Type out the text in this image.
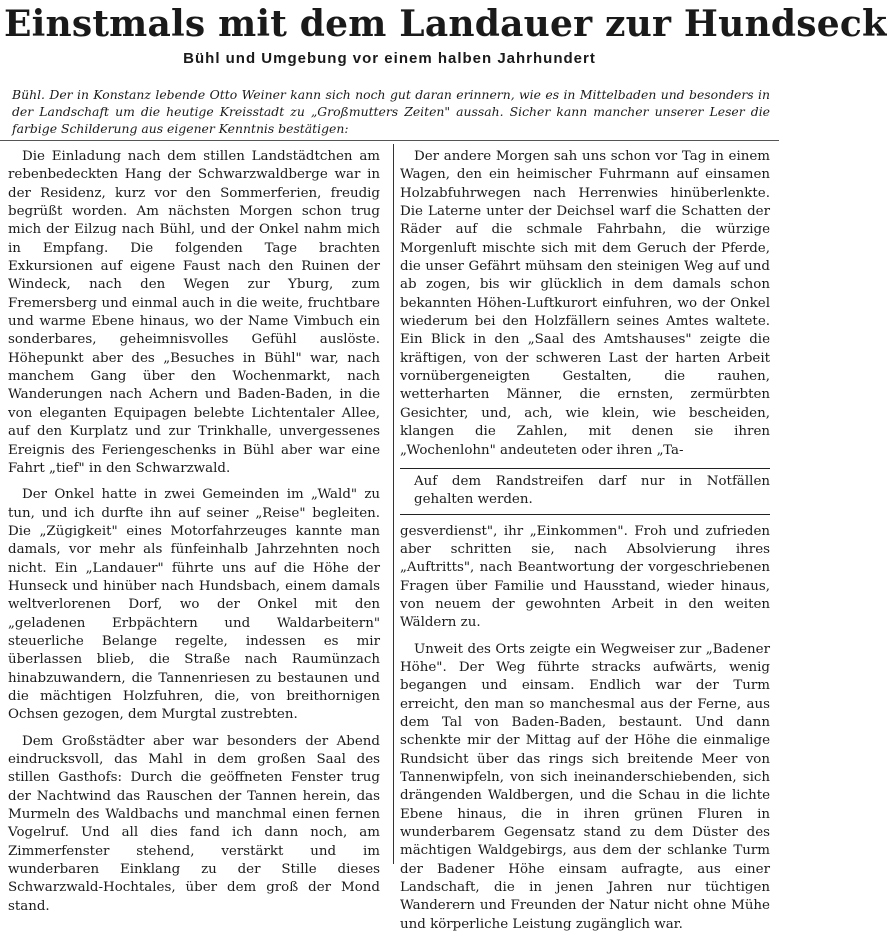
Einstmals mit dem Landauer zur Hundseck
Bühl und Umgebung vor einem halben Jahrhundert
Bühl. Der in Konstanz lebende Otto Weiner kann sich noch gut daran erinnern, wie es in Mittelbaden und besonders in der Landschaft um die heutige Kreisstadt zu „Großmutters Zeiten" aussah. Sicher kann mancher unserer Leser die farbige Schilderung aus eigener Kenntnis bestätigen:

Die Einladung nach dem stillen Landstädtchen am rebenbedeckten Hang der Schwarzwaldberge war in der Residenz, kurz vor den Sommerferien, freudig begrüßt worden. Am nächsten Morgen schon trug mich der Eilzug nach Bühl, und der Onkel nahm mich in Empfang. Die folgenden Tage brachten Exkursionen auf eigene Faust nach den Ruinen der Windeck, nach den Wegen zur Yburg, zum Fremersberg und einmal auch in die weite, fruchtbare und warme Ebene hinaus, wo der Name Vimbuch ein sonderbares, geheimnisvolles Gefühl auslöste. Höhepunkt aber des „Besuches in Bühl" war, nach manchem Gang über den Wochenmarkt, nach Wanderungen nach Achern und Baden-Baden, in die von eleganten Equipagen belebte Lichtentaler Allee, auf den Kurplatz und zur Trinkhalle, unvergessenes Ereignis des Feriengeschenks in Bühl aber war eine Fahrt „tief" in den Schwarzwald.

Der Onkel hatte in zwei Gemeinden im „Wald" zu tun, und ich durfte ihn auf seiner „Reise" begleiten. Die „Zügigkeit" eines Motorfahrzeuges kannte man damals, vor mehr als fünfeinhalb Jahrzehnten noch nicht. Ein „Landauer" führte uns auf die Höhe der Hunseck und hinüber nach Hundsbach, einem damals weltverlorenen Dorf, wo der Onkel mit den „geladenen Erbpächtern und Waldarbeitern" steuerliche Belange regelte, indessen es mir überlassen blieb, die Straße nach Raumünzach hinabzuwandern, die Tannenriesen zu bestaunen und die mächtigen Holzfuhren, die, von breithornigen Ochsen gezogen, dem Murgtal zustrebten.

Dem Großstädter aber war besonders der Abend eindrucksvoll, das Mahl in dem großen Saal des stillen Gasthofs: Durch die geöffneten Fenster trug der Nachtwind das Rauschen der Tannen herein, das Murmeln des Waldbachs und manchmal einen fernen Vogelruf. Und all dies fand ich dann noch, am Zimmerfenster stehend, verstärkt und im wunderbaren Einklang zu der Stille dieses Schwarzwald-Hochtales, über dem groß der Mond stand.

Der andere Morgen sah uns schon vor Tag in einem Wagen, den ein heimischer Fuhrmann auf einsamen Holzabfuhrwegen nach Herrenwies hinüberlenkte. Die Laterne unter der Deichsel warf die Schatten der Räder auf die schmale Fahrbahn, die würzige Morgenluft mischte sich mit dem Geruch der Pferde, die unser Gefährt mühsam den steinigen Weg auf und ab zogen, bis wir glücklich in dem damals schon bekannten Höhen-Luftkurort einfuhren, wo der Onkel wiederum bei den Holzfällern seines Amtes waltete. Ein Blick in den „Saal des Amtshauses" zeigte die kräftigen, von der schweren Last der harten Arbeit vornübergeneigten Gestalten, die rauhen, wetterharten Männer, die ernsten, zermürbten Gesichter, und, ach, wie klein, wie bescheiden, klangen die Zahlen, mit denen sie ihren „Wochenlohn" andeuteten oder ihren „Ta-

Auf dem Randstreifen darf nur in Notfällen gehalten werden.

gesverdienst", ihr „Einkommen". Froh und zufrieden aber schritten sie, nach Absolvierung ihres „Auftritts", nach Beantwortung der vorgeschriebenen Fragen über Familie und Hausstand, wieder hinaus, von neuem der gewohnten Arbeit in den weiten Wäldern zu.

Unweit des Orts zeigte ein Wegweiser zur „Badener Höhe". Der Weg führte stracks aufwärts, wenig begangen und einsam. Endlich war der Turm erreicht, den man so manchesmal aus der Ferne, aus dem Tal von Baden-Baden, bestaunt. Und dann schenkte mir der Mittag auf der Höhe die einmalige Rundsicht über das rings sich breitende Meer von Tannenwipfeln, von sich ineinanderschiebenden, sich drängenden Waldbergen, und die Schau in die lichte Ebene hinaus, die in ihren grünen Fluren in wunderbarem Gegensatz stand zu dem Düster des mächtigen Waldgebirgs, aus dem der schlanke Turm der Badener Höhe einsam aufragte, aus einer Landschaft, die in jenen Jahren nur tüchtigen Wanderern und Freunden der Natur nicht ohne Mühe und körperliche Leistung zugänglich war.
